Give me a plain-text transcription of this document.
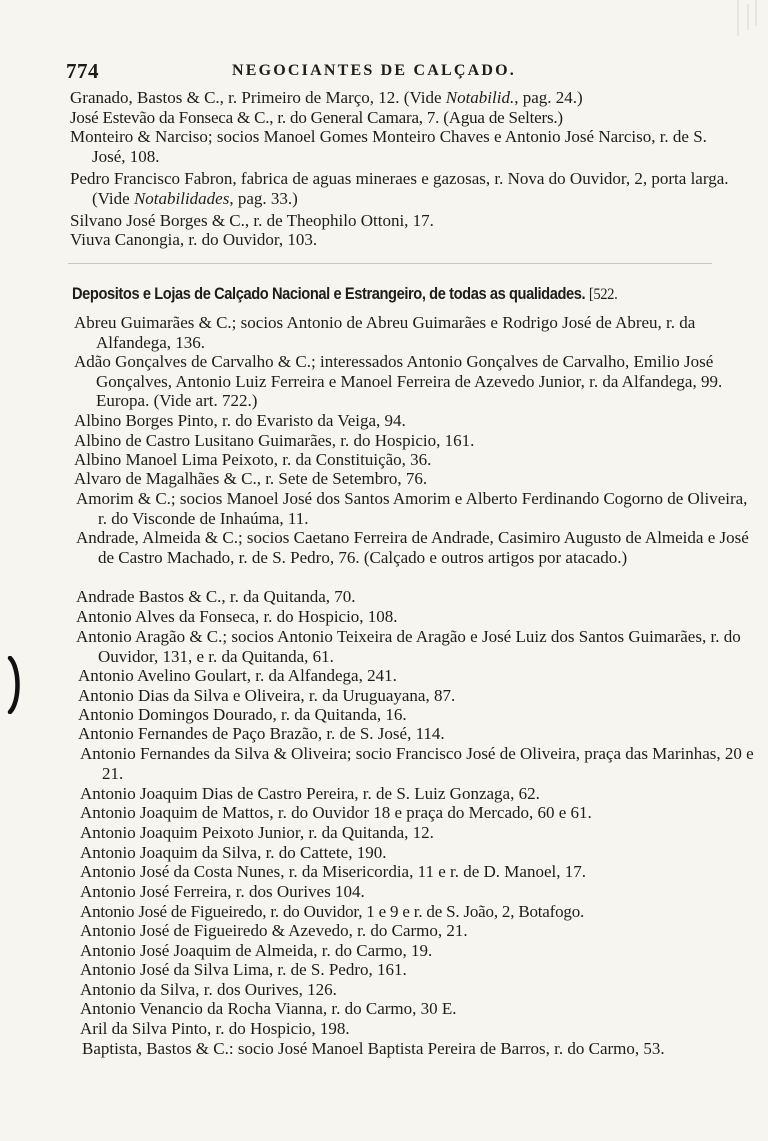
774	NEGOCIANTES DE CALÇADO.
Granado, Bastos & C., r. Primeiro de Março, 12. (Vide Notabilid., pag. 24.)
José Estevão da Fonseca & C., r. do General Camara, 7. (Agua de Selters.)
Monteiro & Narciso; socios Manoel Gomes Monteiro Chaves e Antonio José Narciso, r. de S. José, 108.
Pedro Francisco Fabron, fabrica de aguas mineraes e gazosas, r. Nova do Ouvidor, 2, porta larga. (Vide Notabilidades, pag. 33.)
Silvano José Borges & C., r. de Theophilo Ottoni, 17.
Viuva Canongia, r. do Ouvidor, 103.
Depositos e Lojas de Calçado Nacional e Estrangeiro, de todas as qualidades. [522.
Abreu Guimarães & C.; socios Antonio de Abreu Guimarães e Rodrigo José de Abreu, r. da Alfandega, 136.
Adão Gonçalves de Carvalho & C.; interessados Antonio Gonçalves de Carvalho, Emilio José Gonçalves, Antonio Luiz Ferreira e Manoel Ferreira de Azevedo Junior, r. da Alfandega, 99. Europa. (Vide art. 722.)
Albino Borges Pinto, r. do Evaristo da Veiga, 94.
Albino de Castro Lusitano Guimarães, r. do Hospicio, 161.
Albino Manoel Lima Peixoto, r. da Constituição, 36.
Alvaro de Magalhães & C., r. Sete de Setembro, 76.
Amorim & C.; socios Manoel José dos Santos Amorim e Alberto Ferdinando Cogorno de Oliveira, r. do Visconde de Inhaúma, 11.
Andrade, Almeida & C.; socios Caetano Ferreira de Andrade, Casimiro Augusto de Almeida e José de Castro Machado, r. de S. Pedro, 76. (Calçado e outros artigos por atacado.)
Andrade Bastos & C., r. da Quitanda, 70.
Antonio Alves da Fonseca, r. do Hospicio, 108.
Antonio Aragão & C.; socios Antonio Teixeira de Aragão e José Luiz dos Santos Guimarães, r. do Ouvidor, 131, e r. da Quitanda, 61.
Antonio Avelino Goulart, r. da Alfandega, 241.
Antonio Dias da Silva e Oliveira, r. da Uruguayana, 87.
Antonio Domingos Dourado, r. da Quitanda, 16.
Antonio Fernandes de Paço Brazão, r. de S. José, 114.
Antonio Fernandes da Silva & Oliveira; socio Francisco José de Oliveira, praça das Marinhas, 20 e 21.
Antonio Joaquim Dias de Castro Pereira, r. de S. Luiz Gonzaga, 62.
Antonio Joaquim de Mattos, r. do Ouvidor 18 e praça do Mercado, 60 e 61.
Antonio Joaquim Peixoto Junior, r. da Quitanda, 12.
Antonio Joaquim da Silva, r. do Cattete, 190.
Antonio José da Costa Nunes, r. da Misericordia, 11 e r. de D. Manoel, 17.
Antonio José Ferreira, r. dos Ourives 104.
Antonio José de Figueiredo, r. do Ouvidor, 1 e 9 e r. de S. João, 2, Botafogo.
Antonio José de Figueiredo & Azevedo, r. do Carmo, 21.
Antonio José Joaquim de Almeida, r. do Carmo, 19.
Antonio José da Silva Lima, r. de S. Pedro, 161.
Antonio da Silva, r. dos Ourives, 126.
Antonio Venancio da Rocha Vianna, r. do Carmo, 30 E.
Aril da Silva Pinto, r. do Hospicio, 198.
Baptista, Bastos & C.: socio José Manoel Baptista Pereira de Barros, r. do Carmo, 53.
